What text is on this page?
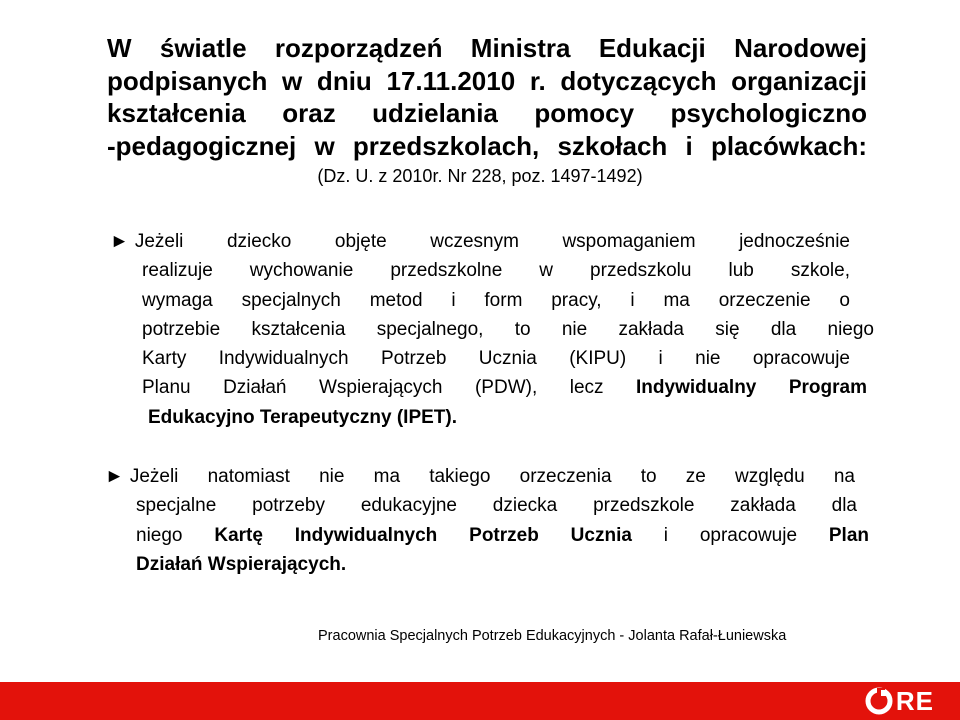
W światle rozporządzeń Ministra Edukacji Narodowej
podpisanych w dniu 17.11.2010 r. dotyczących organizacji
kształcenia oraz udzielania pomocy psychologiczno
-pedagogicznej w przedszkolach, szkołach i placówkach:
(Dz. U. z 2010r. Nr 228, poz. 1497-1492)
► Jeżeli dziecko objęte wczesnym wspomaganiem jednocześnie
realizuje wychowanie przedszkolne w przedszkolu lub szkole,
wymaga specjalnych metod i form pracy, i ma orzeczenie o
potrzebie kształcenia specjalnego, to nie zakłada się dla niego
Karty Indywidualnych Potrzeb Ucznia (KIPU) i nie opracowuje
Planu Działań Wspierających (PDW), lecz Indywidualny Program
Edukacyjno Terapeutyczny (IPET).
► Jeżeli natomiast nie ma takiego orzeczenia to ze względu na
specjalne potrzeby edukacyjne dziecka przedszkole zakłada dla
niego Kartę Indywidualnych Potrzeb Ucznia i opracowuje Plan
Działań Wspierających.
Pracownia Specjalnych Potrzeb Edukacyjnych - Jolanta Rafał-Łuniewska
RE
